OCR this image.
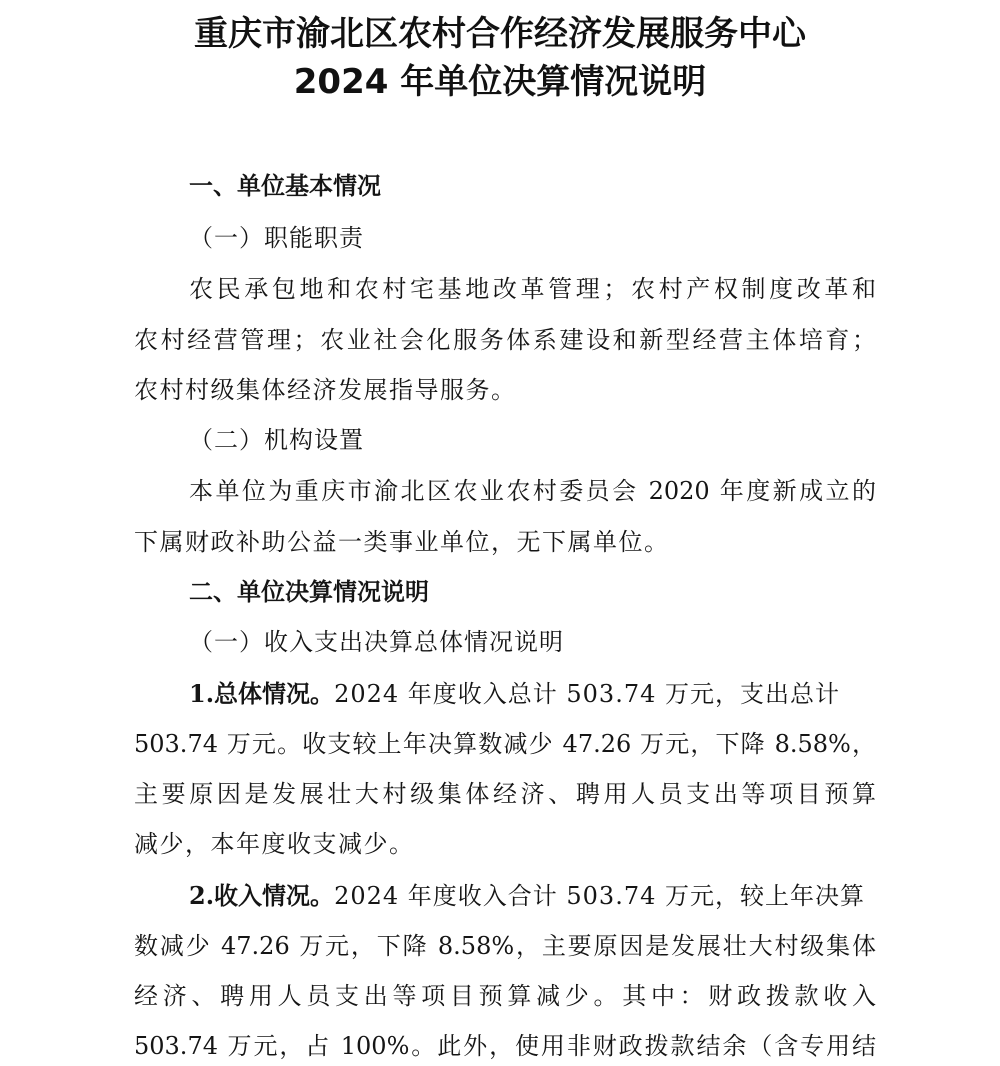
重庆市渝北区农村合作经济发展服务中心
2024 年单位决算情况说明
一、单位基本情况
（一）职能职责
农民承包地和农村宅基地改革管理；农村产权制度改革和
农村经营管理；农业社会化服务体系建设和新型经营主体培育；
农村村级集体经济发展指导服务。
（二）机构设置
本单位为重庆市渝北区农业农村委员会 2020 年度新成立的
下属财政补助公益一类事业单位，无下属单位。
二、单位决算情况说明
（一）收入支出决算总体情况说明
1.总体情况。2024 年度收入总计 503.74 万元，支出总计
503.74 万元。收支较上年决算数减少 47.26 万元，下降 8.58%，
主要原因是发展壮大村级集体经济、聘用人员支出等项目预算
减少，本年度收支减少。
2.收入情况。2024 年度收入合计 503.74 万元，较上年决算
数减少 47.26 万元，下降 8.58%，主要原因是发展壮大村级集体
经济、聘用人员支出等项目预算减少。其中：财政拨款收入
503.74 万元，占 100%。此外，使用非财政拨款结余（含专用结
